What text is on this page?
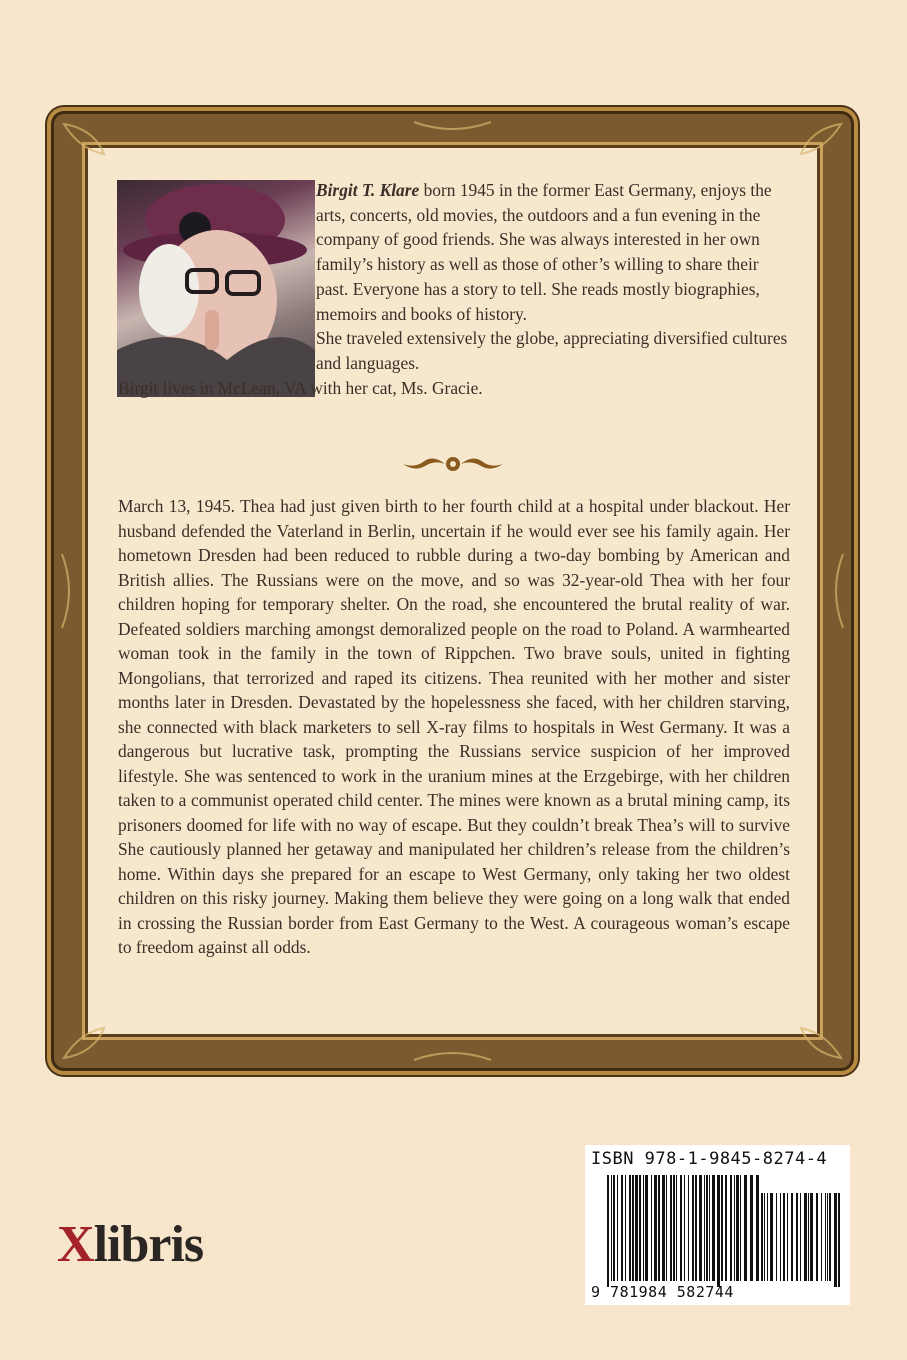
Birgit T. Klare born 1945 in the former East Germany, enjoys the arts, concerts, old movies, the outdoors and a fun evening in the company of good friends. She was always interested in her own family’s history as well as those of other’s willing to share their past. Everyone has a story to tell. She reads mostly biographies, memoirs and books of history.

She traveled extensively the globe, appreciating diversified cultures and languages.

Birgit lives in McLean, VA with her cat, Ms. Gracie.

March 13, 1945. Thea had just given birth to her fourth child at a hospital under blackout. Her husband defended the Vaterland in Berlin, uncertain if he would ever see his family again. Her hometown Dresden had been reduced to rubble during a two-day bombing by American and British allies. The Russians were on the move, and so was 32-year-old Thea with her four children hoping for temporary shelter. On the road, she encountered the brutal reality of war. Defeated soldiers marching amongst demoralized people on the road to Poland. A warmhearted woman took in the family in the town of Rippchen. Two brave souls, united in fighting Mongolians, that terrorized and raped its citizens. Thea reunited with her mother and sister months later in Dresden. Devastated by the hopelessness she faced, with her children starving, she connected with black marketers to sell X-ray films to hospitals in West Germany. It was a dangerous but lucrative task, prompting the Russians service suspicion of her improved lifestyle. She was sentenced to work in the uranium mines at the Erzgebirge, with her children taken to a communist operated child center. The mines were known as a brutal mining camp, its prisoners doomed for life with no way of escape. But they couldn’t break Thea’s will to survive She cautiously planned her getaway and manipulated her children’s release from the children’s home. Within days she prepared for an escape to West Germany, only taking her two oldest children on this risky journey. Making them believe they were going on a long walk that ended in crossing the Russian border from East Germany to the West. A courageous woman’s escape to freedom against all odds.

Xlibris
ISBN 978-1-9845-8274-4
9 781984 582744
